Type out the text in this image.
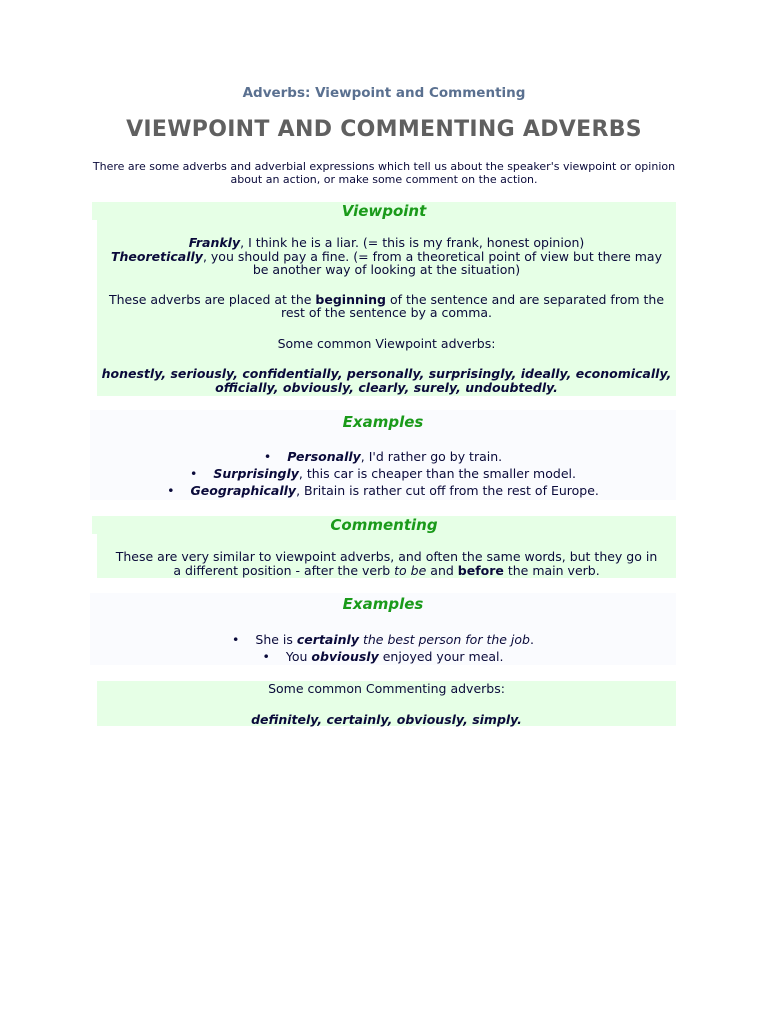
Adverbs: Viewpoint and Commenting
VIEWPOINT AND COMMENTING ADVERBS
There are some adverbs and adverbial expressions which tell us about the speaker's viewpoint or opinion about an action, or make some comment on the action.
Viewpoint
Frankly, I think he is a liar. (= this is my frank, honest opinion)
Theoretically, you should pay a fine. (= from a theoretical point of view but there may be another way of looking at the situation)
These adverbs are placed at the beginning of the sentence and are separated from the rest of the sentence by a comma.
Some common Viewpoint adverbs:
honestly, seriously, confidentially, personally, surprisingly, ideally, economically, officially, obviously, clearly, surely, undoubtedly.
Examples
• Personally, I'd rather go by train.
• Surprisingly, this car is cheaper than the smaller model.
• Geographically, Britain is rather cut off from the rest of Europe.
Commenting
These are very similar to viewpoint adverbs, and often the same words, but they go in a different position - after the verb to be and before the main verb.
Examples
• She is certainly the best person for the job.
• You obviously enjoyed your meal.
Some common Commenting adverbs:
definitely, certainly, obviously, simply.
